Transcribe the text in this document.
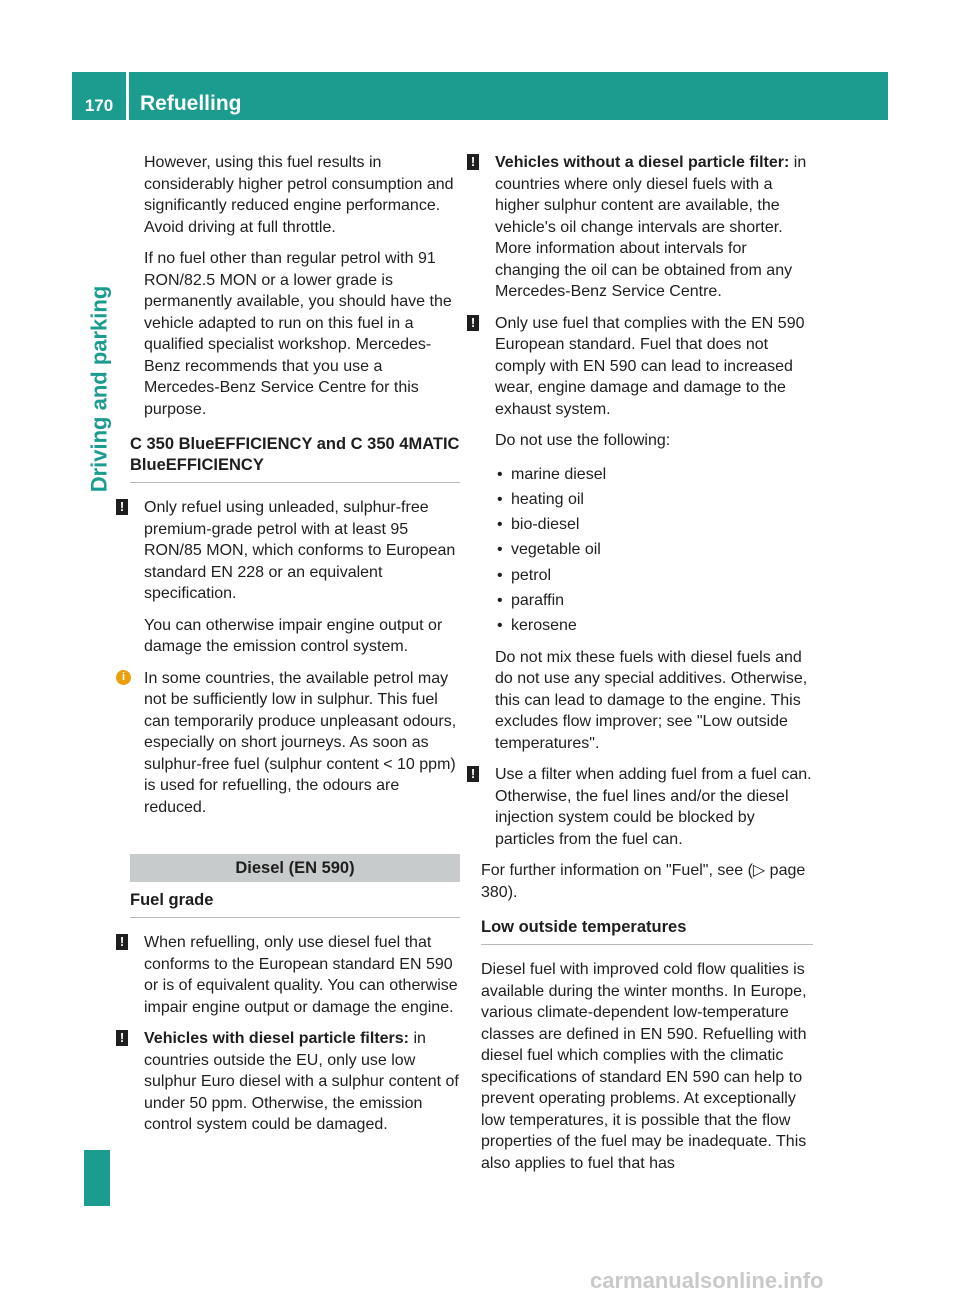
170	Refuelling
Driving and parking

However, using this fuel results in considerably higher petrol consumption and significantly reduced engine performance. Avoid driving at full throttle.

If no fuel other than regular petrol with 91 RON/82.5 MON or a lower grade is permanently available, you should have the vehicle adapted to run on this fuel in a qualified specialist workshop. Mercedes-Benz recommends that you use a Mercedes-Benz Service Centre for this purpose.

C 350 BlueEFFICIENCY and C 350 4MATIC BlueEFFICIENCY
! Only refuel using unleaded, sulphur-free premium-grade petrol with at least 95 RON/85 MON, which conforms to European standard EN 228 or an equivalent specification.

You can otherwise impair engine output or damage the emission control system.

i	In some countries, the available petrol may not be sufficiently low in sulphur. This fuel can temporarily produce unpleasant odours, especially on short journeys. As soon as sulphur-free fuel (sulphur content < 10 ppm) is used for refuelling, the odours are reduced.
Diesel (EN 590)
Fuel grade
! When refuelling, only use diesel fuel that conforms to the European standard EN 590 or is of equivalent quality. You can otherwise impair engine output or damage the engine.
! Vehicles with diesel particle filters: in countries outside the EU, only use low sulphur Euro diesel with a sulphur content of under 50 ppm. Otherwise, the emission control system could be damaged.
! Vehicles without a diesel particle filter: in countries where only diesel fuels with a higher sulphur content are available, the vehicle's oil change intervals are shorter. More information about intervals for changing the oil can be obtained from any Mercedes-Benz Service Centre.
! Only use fuel that complies with the EN 590 European standard. Fuel that does not comply with EN 590 can lead to increased wear, engine damage and damage to the exhaust system.

Do not use the following:

• marine diesel
• heating oil
• bio-diesel
• vegetable oil
• petrol
• paraffin
• kerosene

Do not mix these fuels with diesel fuels and do not use any special additives. Otherwise, this can lead to damage to the engine. This excludes flow improver; see "Low outside temperatures".

! Use a filter when adding fuel from a fuel can. Otherwise, the fuel lines and/or the diesel injection system could be blocked by particles from the fuel can.

For further information on "Fuel", see (▷ page 380).

Low outside temperatures

Diesel fuel with improved cold flow qualities is available during the winter months. In Europe, various climate-dependent low-temperature classes are defined in EN 590. Refuelling with diesel fuel which complies with the climatic specifications of standard EN 590 can help to prevent operating problems. At exceptionally low temperatures, it is possible that the flow properties of the fuel may be inadequate. This also applies to fuel that has

carmanualsonline.info
